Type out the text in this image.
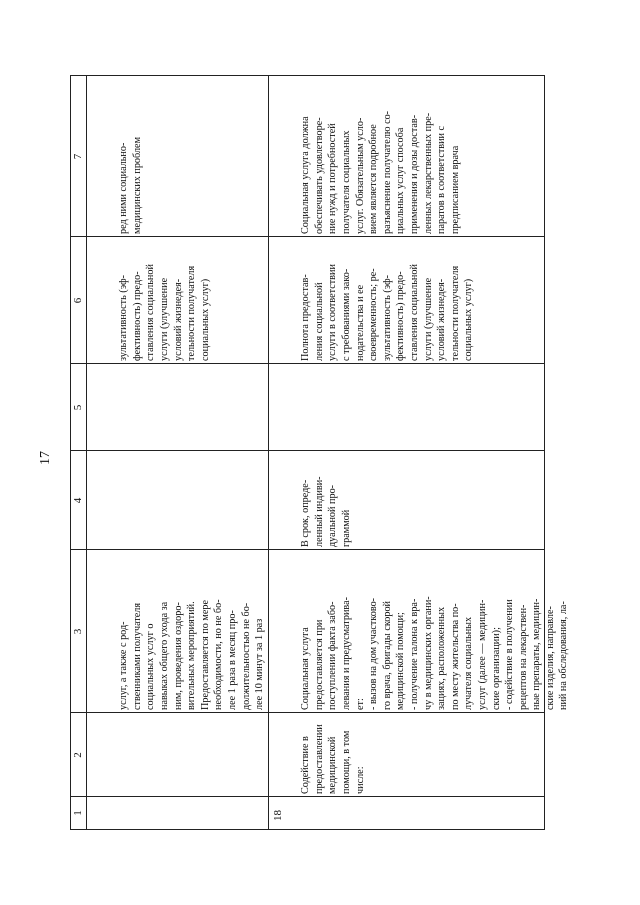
17
1
2
3
4
5
6
7

услуг, а также с род- ственниками получателя социальных услуг о навыках общего ухода за ним, проведения оздоро- вительных мероприятий. Предоставляется по мере необходимости, но не бо- лее 1 раза в месяц про- должительностью не бо- лее 10 минут за 1 раз

зультативность (эф- фективность) предо- ставления социальной услуги (улучшение условий жизнедея- тельности получателя социальных услуг)

ред ними социально- медицинских проблем

18

Содействие в предоставлении медицинской помощи, в том числе:

Социальная услуга предоставляется при поступлении факта забо- левания и предусматрива- ет: - вызов на дом участково- го врача, бригады скорой медицинской помощи; - получение талона к вра- чу в медицинских органи- зациях, расположенных по месту жительства по- лучателя социальных услуг (далее — медицин- ские организации); - содействие в получении рецептов на лекарствен- ные препараты, медицин- ские изделия, направле- ний на обследования, ла-

В срок, опреде- ленный индиви- дуальной про- граммой

Полнота предостав- ления социальной услуги в соответствии с требованиями зако- нодательства и ее своевременность; ре- зультативность (эф- фективность) предо- ставления социальной услуги (улучшение условий жизнедея- тельности получателя социальных услуг)

Социальная услуга должна обеспечивать удовлетворе- ние нужд и потребностей получателя социальных услуг. Обязательным усло- вием является подробное разъяснение получателю со- циальных услуг способа применения и дозы достав- ленных лекарственных пре- паратов в соответствии с предписанием врача
